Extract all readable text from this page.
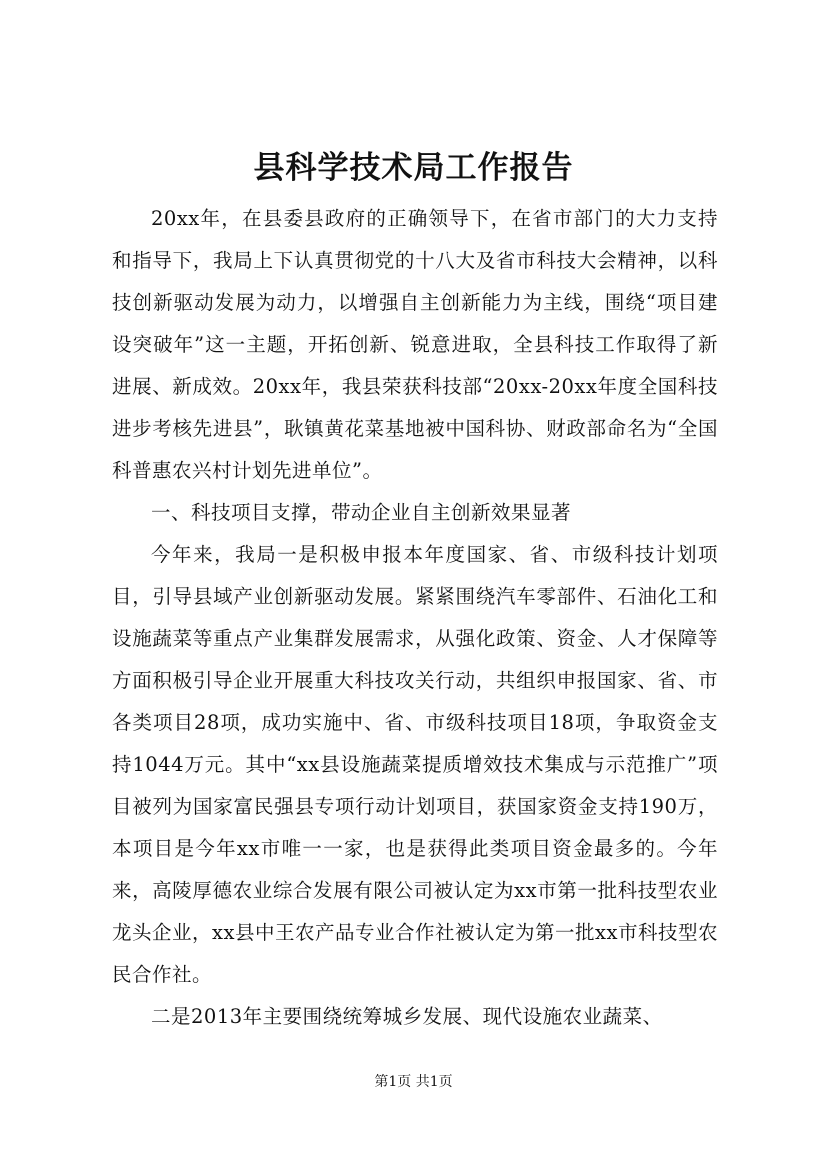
县科学技术局工作报告

20xx年，在县委县政府的正确领导下，在省市部门的大力支持和指导下，我局上下认真贯彻党的十八大及省市科技大会精神，以科技创新驱动发展为动力，以增强自主创新能力为主线，围绕“项目建设突破年”这一主题，开拓创新、锐意进取，全县科技工作取得了新进展、新成效。20xx年，我县荣获科技部“20xx-20xx年度全国科技进步考核先进县”，耿镇黄花菜基地被中国科协、财政部命名为“全国科普惠农兴村计划先进单位”。

一、科技项目支撑，带动企业自主创新效果显著

今年来，我局一是积极申报本年度国家、省、市级科技计划项目，引导县域产业创新驱动发展。紧紧围绕汽车零部件、石油化工和设施蔬菜等重点产业集群发展需求，从强化政策、资金、人才保障等方面积极引导企业开展重大科技攻关行动，共组织申报国家、省、市各类项目28项，成功实施中、省、市级科技项目18项，争取资金支持1044万元。其中“xx县设施蔬菜提质增效技术集成与示范推广”项目被列为国家富民强县专项行动计划项目，获国家资金支持190万，本项目是今年xx市唯一一家，也是获得此类项目资金最多的。今年来，高陵厚德农业综合发展有限公司被认定为xx市第一批科技型农业龙头企业，xx县中王农产品专业合作社被认定为第一批xx市科技型农民合作社。

二是2013年主要围绕统筹城乡发展、现代设施农业蔬菜、

第1页 共1页
